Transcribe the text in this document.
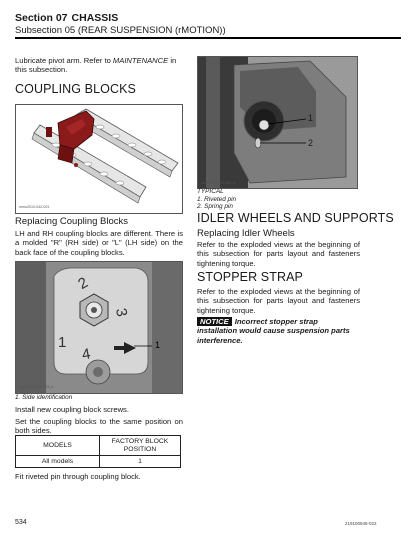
Section 07 CHASSIS
Subsection 05 (REAR SUSPENSION (rMOTION))
Lubricate pivot arm. Refer to MAINTENANCE in this subsection.
COUPLING BLOCKS
mmo2010-042-001
Replacing Coupling Blocks
LH and RH coupling blocks are different. There is a molded "R" (RH side) or "L" (LH side) on the back face of the coupling blocks.
2
3
1
4
1
mmo2010-042-005_a
1. Side identification
Install new coupling block screws.
Set the coupling blocks to the same position on both sides.
MODELS	FACTORY BLOCK POSITION

All models	1
Fit riveted pin through coupling block.
1
2
mmo2010-042-003_a
TYPICAL
1. Riveted pin
2. Spring pin
IDLER WHEELS AND SUPPORTS
Replacing Idler Wheels
Refer to the exploded views at the beginning of this subsection for parts layout and fasteners tightening torque.
STOPPER STRAP
Refer to the exploded views at the beginning of this subsection for parts layout and fasteners tightening torque.
NOTICE Incorrect stopper strap installation would cause suspension parts interference.
534	219100946-022
